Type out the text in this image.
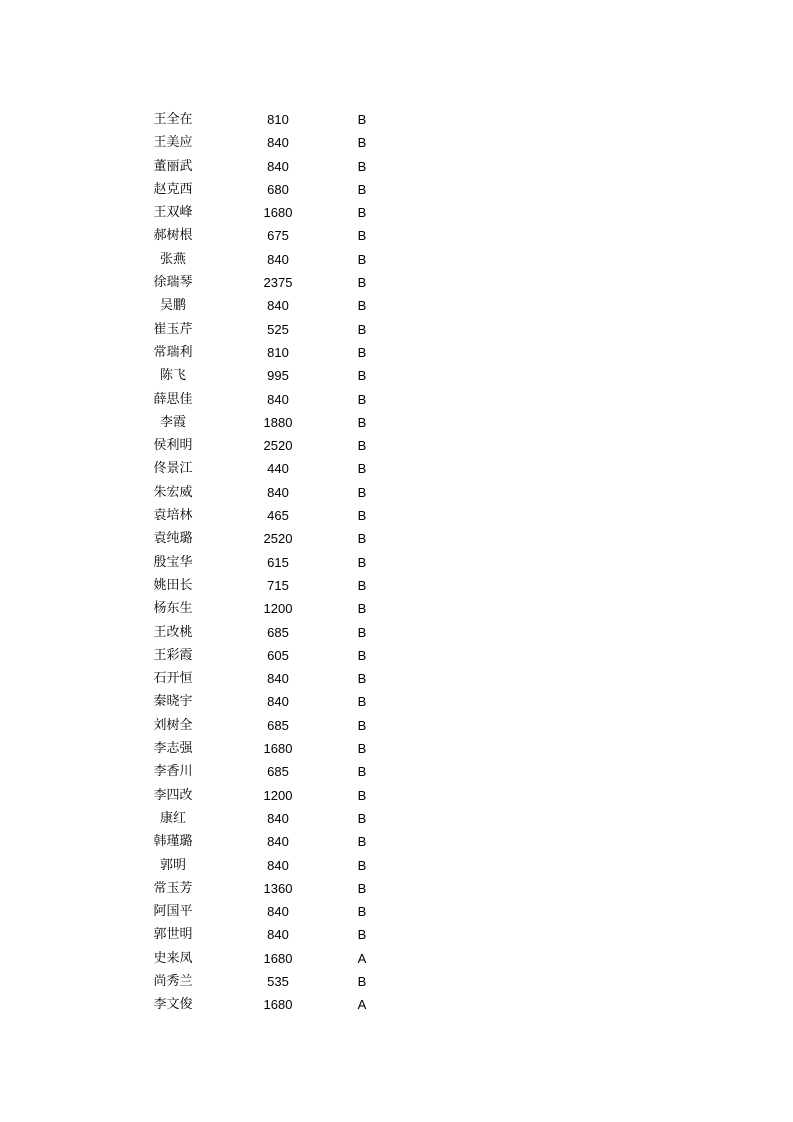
王全在	810	B
王美应	840	B
董丽武	840	B
赵克西	680	B
王双峰	1680	B
郝树根	675	B
张燕	840	B
徐瑞琴	2375	B
吴鹏	840	B
崔玉芹	525	B
常瑞利	810	B
陈飞	995	B
薛思佳	840	B
李霞	1880	B
侯利明	2520	B
佟景江	440	B
朱宏威	840	B
袁培林	465	B
袁纯璐	2520	B
殷宝华	615	B
姚田长	715	B
杨东生	1200	B
王改桃	685	B
王彩霞	605	B
石开恒	840	B
秦晓宇	840	B
刘树全	685	B
李志强	1680	B
李香川	685	B
李四改	1200	B
康红	840	B
韩瑾璐	840	B
郭明	840	B
常玉芳	1360	B
阿国平	840	B
郭世明	840	B
史来凤	1680	A
尚秀兰	535	B
李文俊	1680	A
